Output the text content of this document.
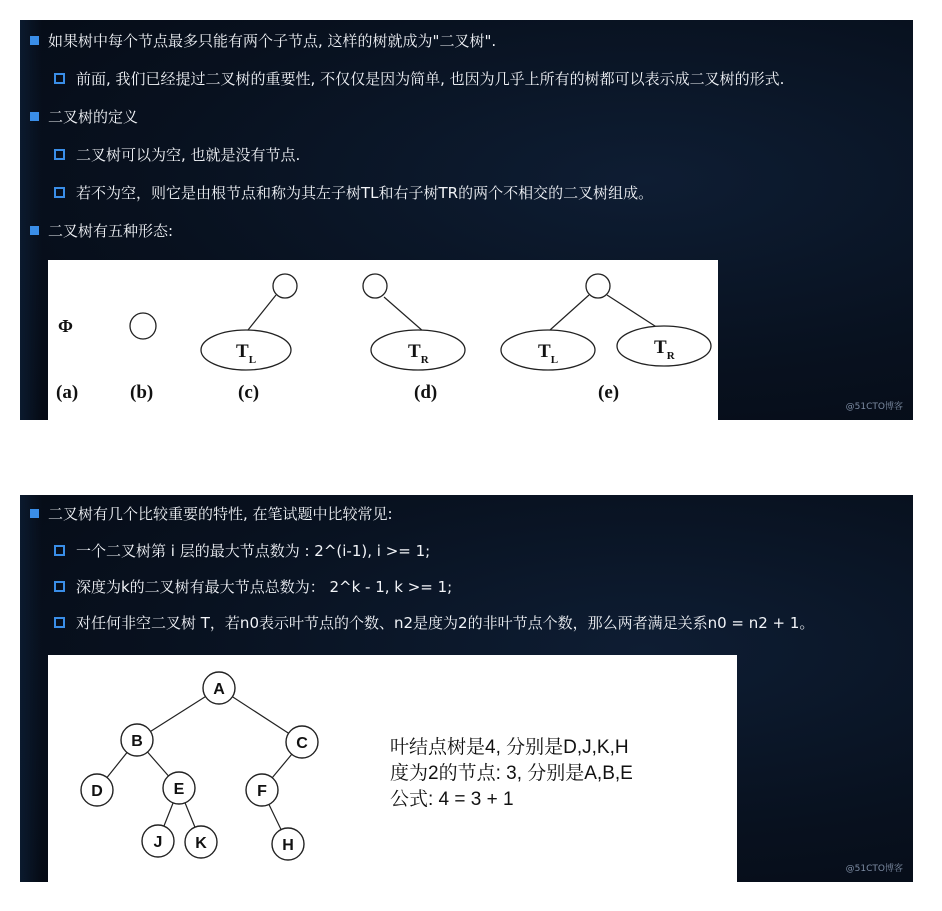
如果树中每个节点最多只能有两个子节点, 这样的树就成为"二叉树".
前面, 我们已经提过二叉树的重要性, 不仅仅是因为简单, 也因为几乎上所有的树都可以表示成二叉树的形式.
二叉树的定义
二叉树可以为空, 也就是没有节点.
若不为空，则它是由根节点和称为其左子树TL和右子树TR的两个不相交的二叉树组成。
二叉树有五种形态:
Φ
$T_L$	$T_R$	$T_L$
$T_R$
(a)	(b)	(c)	(d)	(e)
@51CTO博客
二叉树有几个比较重要的特性, 在笔试题中比较常见:
一个二叉树第 i 层的最大节点数为 : 2^(i-1), i >= 1;
深度为k的二叉树有最大节点总数为： 2^k - 1, k >= 1;
对任何非空二叉树 T，若n0表示叶节点的个数、n2是度为2的非叶节点个数，那么两者满足关系n0 = n2 + 1。
A
B	C
D	E	F
J K	H
叶结点树是4, 分别是D,J,K,H
度为2的节点: 3, 分别是A,B,E
公式: 4 = 3 + 1
@51CTO博客
